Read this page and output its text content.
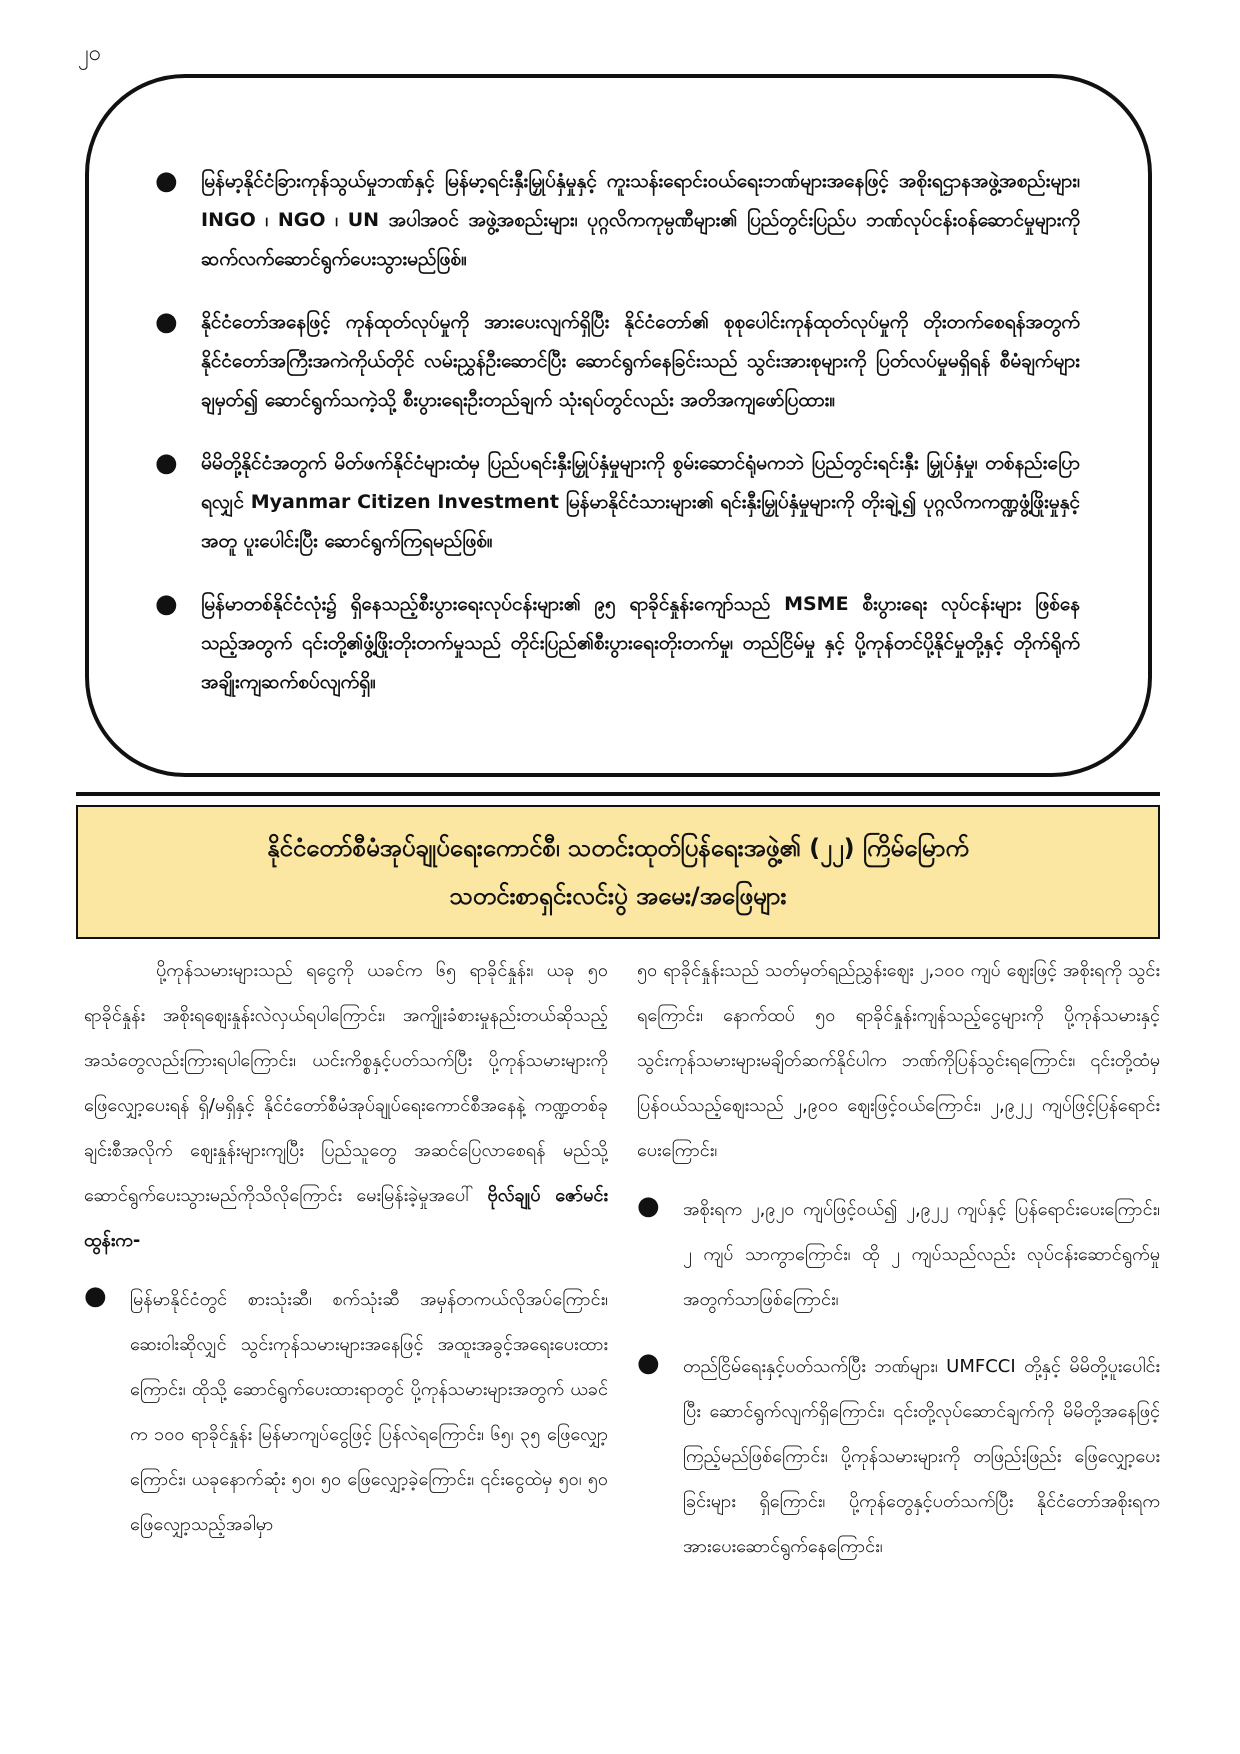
၂၀
● မြန်မာ့နိုင်ငံခြားကုန်သွယ်မှုဘဏ်နှင့် မြန်မာ့ရင်းနှီးမြှုပ်နှံမှုနှင့် ကူးသန်းရောင်းဝယ်ရေးဘဏ်များအနေဖြင့် အစိုးရဌာနအဖွဲ့အစည်းများ၊ INGO ၊ NGO ၊ UN အပါအဝင် အဖွဲ့အစည်းများ၊ ပုဂ္ဂလိကကုမ္ပဏီများ၏ ပြည်တွင်းပြည်ပ ဘဏ်လုပ်ငန်းဝန်ဆောင်မှုများကို ဆက်လက်ဆောင်ရွက်ပေးသွားမည်ဖြစ်။
● နိုင်ငံတော်အနေဖြင့် ကုန်ထုတ်လုပ်မှုကို အားပေးလျက်ရှိပြီး နိုင်ငံတော်၏ စုစုပေါင်းကုန်ထုတ်လုပ်မှုကို တိုးတက်စေရန်အတွက် နိုင်ငံတော်အကြီးအကဲကိုယ်တိုင် လမ်းညွှန်ဦးဆောင်ပြီး ဆောင်ရွက်နေခြင်းသည် သွင်းအားစုများကို ပြတ်လပ်မှုမရှိရန် စီမံချက်များချမှတ်၍ ဆောင်ရွက်သကဲ့သို့ စီးပွားရေးဦးတည်ချက် သုံးရပ်တွင်လည်း အတိအကျဖော်ပြထား။
● မိမိတို့နိုင်ငံအတွက် မိတ်ဖက်နိုင်ငံများထံမှ ပြည်ပရင်းနှီးမြှုပ်နှံမှုများကို စွမ်းဆောင်ရုံမကဘဲ ပြည်တွင်းရင်းနှီး မြှုပ်နှံမှု၊ တစ်နည်းပြောရလျှင် Myanmar Citizen Investment မြန်မာနိုင်ငံသားများ၏ ရင်းနှီးမြှုပ်နှံမှုများကို တိုးချဲ့၍ ပုဂ္ဂလိကကဏ္ဍဖွံ့ဖြိုးမှုနှင့်အတူ ပူးပေါင်းပြီး ဆောင်ရွက်ကြရမည်ဖြစ်။
● မြန်မာတစ်နိုင်ငံလုံး၌ ရှိနေသည့်စီးပွားရေးလုပ်ငန်းများ၏ ၉၅ ရာခိုင်နှုန်းကျော်သည် MSME စီးပွားရေး လုပ်ငန်းများ ဖြစ်နေသည့်အတွက် ၎င်းတို့၏ဖွံ့ဖြိုးတိုးတက်မှုသည် တိုင်းပြည်၏စီးပွားရေးတိုးတက်မှု၊ တည်ငြိမ်မှု နှင့် ပို့ကုန်တင်ပို့နိုင်မှုတို့နှင့် တိုက်ရိုက်အချိုးကျဆက်စပ်လျက်ရှိ။
နိုင်ငံတော်စီမံအုပ်ချုပ်ရေးကောင်စီ၊ သတင်းထုတ်ပြန်ရေးအဖွဲ့၏ (၂၂) ကြိမ်မြောက်
သတင်းစာရှင်းလင်းပွဲ အမေး/အဖြေများ

ပို့ကုန်သမားများသည် ရငွေကို ယခင်က ၆၅ ရာခိုင်နှုန်း၊ ယခု ၅၀ ရာခိုင်နှုန်း အစိုးရဈေးနှုန်းလဲလှယ်ရပါကြောင်း၊ အကျိုးခံစားမှုနည်းတယ်ဆိုသည့် အသံတွေလည်းကြားရပါကြောင်း၊ ယင်းကိစ္စနှင့်ပတ်သက်ပြီး ပို့ကုန်သမားများကို ဖြေလျှော့ပေးရန် ရှိ/မရှိနှင့် နိုင်ငံတော်စီမံအုပ်ချုပ်ရေးကောင်စီအနေနဲ့ ကဏ္ဍတစ်ခုချင်းစီအလိုက် ဈေးနှုန်းများကျပြီး ပြည်သူတွေ အဆင်ပြေလာစေရန် မည်သို့ဆောင်ရွက်ပေးသွားမည်ကိုသိလိုကြောင်း မေးမြန်းခဲ့မှုအပေါ် ဗိုလ်ချုပ် ဇော်မင်းထွန်းက-

● မြန်မာနိုင်ငံတွင် စားသုံးဆီ၊ စက်သုံးဆီ အမှန်တကယ်လိုအပ်ကြောင်း၊ ဆေးဝါးဆိုလျှင် သွင်းကုန်သမားများအနေဖြင့် အထူးအခွင့်အရေးပေးထားကြောင်း၊ ထိုသို့ ဆောင်ရွက်ပေးထားရာတွင် ပို့ကုန်သမားများအတွက် ယခင်က ၁၀၀ ရာခိုင်နှုန်း မြန်မာကျပ်ငွေဖြင့် ပြန်လဲရကြောင်း၊ ၆၅၊ ၃၅ ဖြေလျှော့ကြောင်း၊ ယခုနောက်ဆုံး ၅၀၊ ၅၀ ဖြေလျှော့ခဲ့ကြောင်း၊ ၎င်းငွေထဲမှ ၅၀၊ ၅၀ ဖြေလျှော့သည့်အခါမှာ

၅၀ ရာခိုင်နှုန်းသည် သတ်မှတ်ရည်ညွှန်းဈေး ၂,၁၀၀ ကျပ် ဈေးဖြင့် အစိုးရကို သွင်းရကြောင်း၊ နောက်ထပ် ၅၀ ရာခိုင်နှုန်းကျန်သည့်ငွေများကို ပို့ကုန်သမားနှင့် သွင်းကုန်သမားများမချိတ်ဆက်နိုင်ပါက ဘဏ်ကိုပြန်သွင်းရကြောင်း၊ ၎င်းတို့ထံမှ ပြန်ဝယ်သည့်ဈေးသည် ၂,၉၀၀ ဈေးဖြင့်ဝယ်ကြောင်း၊ ၂,၉၂၂ ကျပ်ဖြင့်ပြန်ရောင်းပေးကြောင်း၊

● အစိုးရက ၂,၉၂၀ ကျပ်ဖြင့်ဝယ်၍ ၂,၉၂၂ ကျပ်နှင့် ပြန်ရောင်းပေးကြောင်း၊ ၂ ကျပ် သာကွာကြောင်း၊ ထို ၂ ကျပ်သည်လည်း လုပ်ငန်းဆောင်ရွက်မှုအတွက်သာဖြစ်ကြောင်း၊
● တည်ငြိမ်ရေးနှင့်ပတ်သက်ပြီး ဘဏ်များ၊ UMFCCI တို့နှင့် မိမိတို့ပူးပေါင်းပြီး ဆောင်ရွက်လျက်ရှိကြောင်း၊ ၎င်းတို့လုပ်ဆောင်ချက်ကို မိမိတို့အနေဖြင့် ကြည့်မည်ဖြစ်ကြောင်း၊ ပို့ကုန်သမားများကို တဖြည်းဖြည်း ဖြေလျှော့ပေးခြင်းများ ရှိကြောင်း၊ ပို့ကုန်တွေနှင့်ပတ်သက်ပြီး နိုင်ငံတော်အစိုးရက အားပေးဆောင်ရွက်နေကြောင်း၊
